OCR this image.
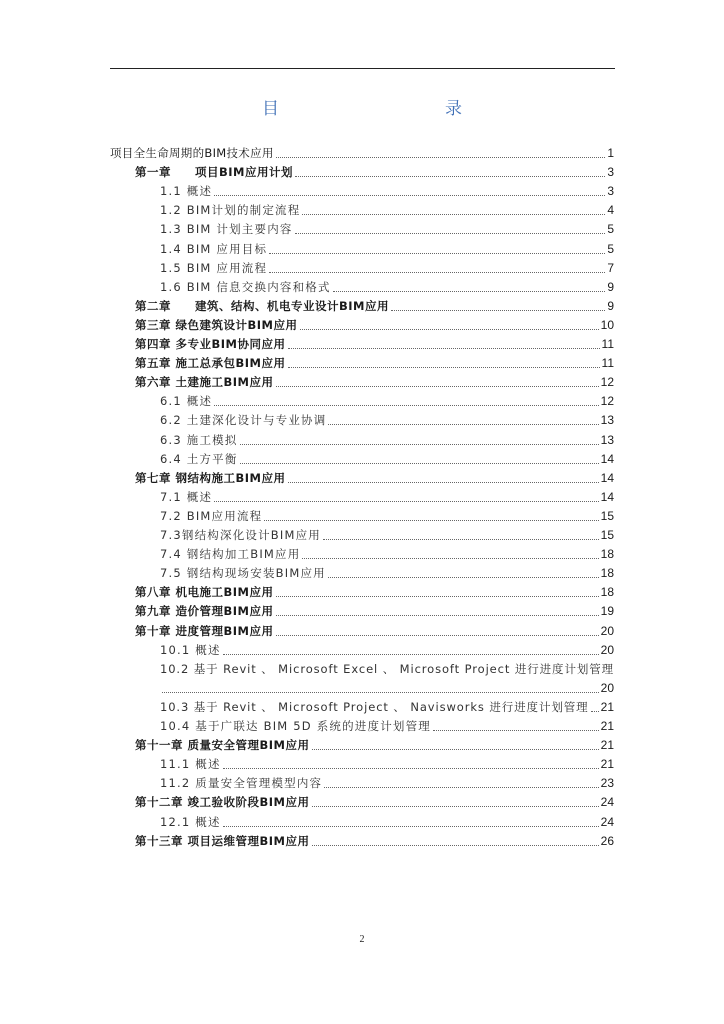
目　　录
项目全生命周期的BIM技术应用	1
第一章　　项目BIM应用计划	3
1.1 概述	3
1.2 BIM计划的制定流程	4
1.3 BIM 计划主要内容	5
1.4 BIM 应用目标	5
1.5 BIM 应用流程	7
1.6 BIM 信息交换内容和格式	9
第二章　　建筑、结构、机电专业设计BIM应用	9
第三章 绿色建筑设计BIM应用	10
第四章 多专业BIM协同应用	11
第五章 施工总承包BIM应用	11
第六章 土建施工BIM应用	12
6.1 概述	12
6.2 土建深化设计与专业协调	13
6.3 施工模拟	13
6.4 土方平衡	14
第七章 钢结构施工BIM应用	14
7.1 概述	14
7.2 BIM应用流程	15
7.3钢结构深化设计BIM应用	15
7.4 钢结构加工BIM应用	18
7.5 钢结构现场安装BIM应用	18
第八章 机电施工BIM应用	18
第九章 造价管理BIM应用	19
第十章 进度管理BIM应用	20
10.1 概述	20
10.2 基于 Revit 、 Microsoft Excel 、 Microsoft Project 进行进度计划管理
20
10.3 基于 Revit 、 Microsoft Project 、 Navisworks 进行进度计划管理 21
10.4 基于广联达 BIM 5D 系统的进度计划管理	21
第十一章 质量安全管理BIM应用	21
11.1 概述	21
11.2 质量安全管理模型内容	23
第十二章 竣工验收阶段BIM应用	24
12.1 概述	24
第十三章 项目运维管理BIM应用	26
2
